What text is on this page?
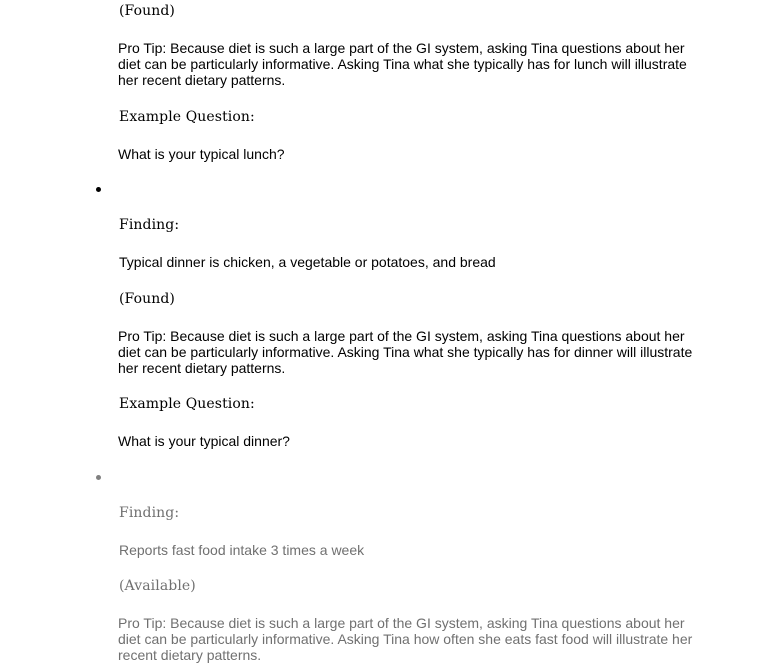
(Found)

Pro Tip: Because diet is such a large part of the GI system, asking Tina questions about her diet can be particularly informative. Asking Tina what she typically has for lunch will illustrate her recent dietary patterns.

Example Question:

What is your typical lunch?

Finding:

Typical dinner is chicken, a vegetable or potatoes, and bread

(Found)

Pro Tip: Because diet is such a large part of the GI system, asking Tina questions about her diet can be particularly informative. Asking Tina what she typically has for dinner will illustrate her recent dietary patterns.

Example Question:

What is your typical dinner?

Finding:

Reports fast food intake 3 times a week

(Available)

Pro Tip: Because diet is such a large part of the GI system, asking Tina questions about her diet can be particularly informative. Asking Tina how often she eats fast food will illustrate her recent dietary patterns.
